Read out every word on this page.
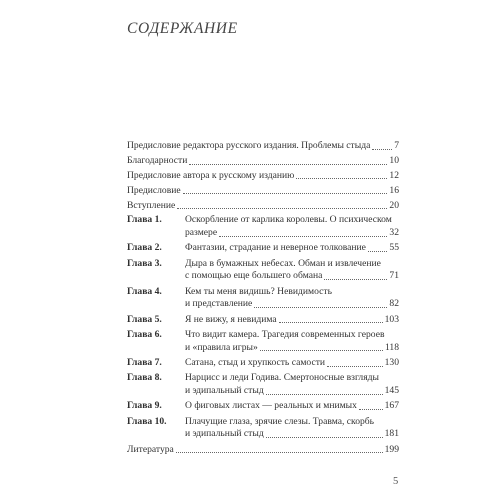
СОДЕРЖАНИЕ
Предисловие редактора русского издания. Проблемы стыда 7
Благодарности	10
Предисловие автора к русскому изданию	12
Предисловие	16
Вступление	20
Глава 1.	Оскорбление от карлика королевы. О психическом
размере	32
Глава 2.	Фантазии, страдание и неверное толкование 55
Глава 3.	Дыра в бумажных небесах. Обман и извлечение
с помощью еще большего обмана	71
Глава 4.	Кем ты меня видишь? Невидимость
и представление	82
Глава 5.	Я не вижу, я невидима	103
Глава 6.	Что видит камера. Трагедия современных героев
и «правила игры»	118
Глава 7.	Сатана, стыд и хрупкость самости	130
Глава 8.	Нарцисс и леди Годива. Смертоносные взгляды
и эдипальный стыд	145
Глава 9.	О фиговых листах — реальных и мнимых	167
Глава 10.	Плачущие глаза, зрячие слезы. Травма, скорбь
и эдипальный стыд	181
Литература	199
5
